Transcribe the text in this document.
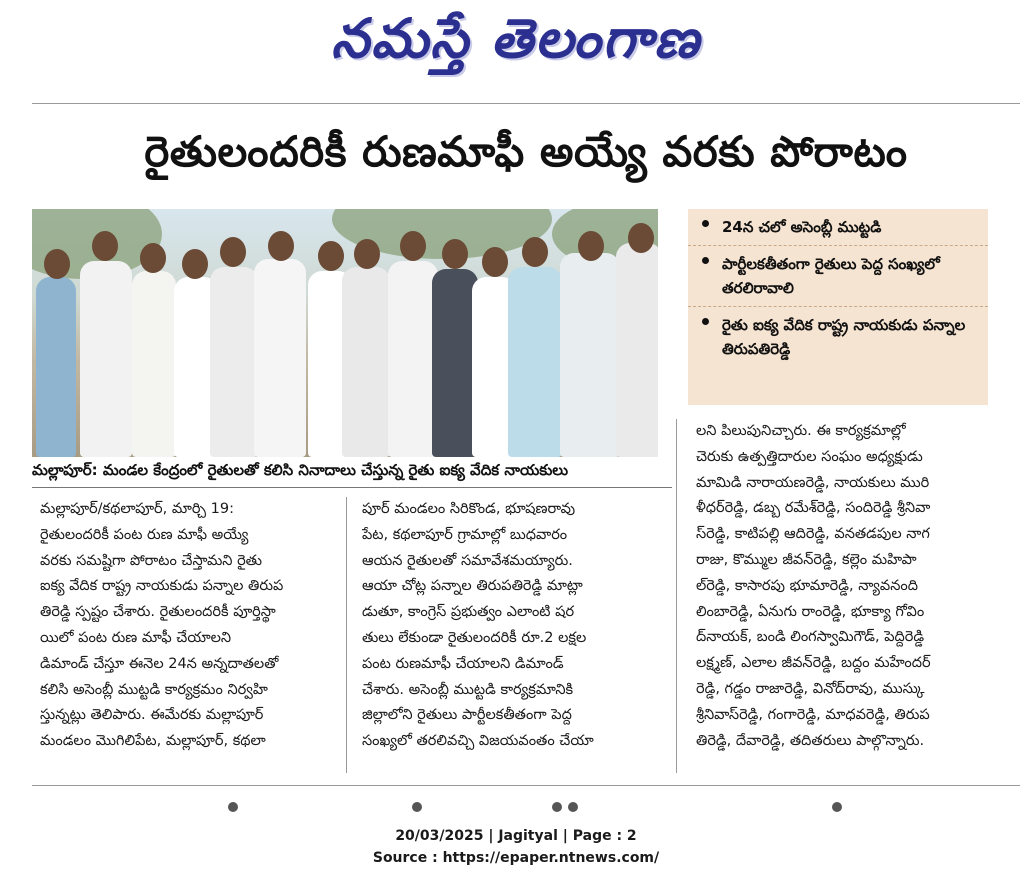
నమస్తే తెలంగాణ
రైతులందరికీ రుణమాఫీ అయ్యే వరకు పోరాటం
మల్లాపూర్: మండల కేంద్రంలో రైతులతో కలిసి నినాదాలు చేస్తున్న రైతు ఐక్య వేదిక నాయకులు
24న చలో అసెంబ్లీ ముట్టడి
పార్టీలకతీతంగా రైతులు పెద్ద సంఖ్యలో తరలిరావాలి
రైతు ఐక్య వేదిక రాష్ట్ర నాయకుడు పన్నాల తిరుపతిరెడ్డి
మల్లాపూర్/కథలాపూర్, మార్చి 19:
రైతులందరికీ పంట రుణ మాఫీ అయ్యే
వరకు సమష్టిగా పోరాటం చేస్తామని రైతు
ఐక్య వేదిక రాష్ట్ర నాయకుడు పన్నాల తిరుప
తిరెడ్డి స్పష్టం చేశారు. రైతులందరికీ పూర్తిస్థా
యిలో పంట రుణ మాఫీ చేయాలని
డిమాండ్ చేస్తూ ఈనెల 24న అన్నదాతలతో
కలిసి అసెంబ్లీ ముట్టడి కార్యక్రమం నిర్వహి
స్తున్నట్లు తెలిపారు. ఈమేరకు మల్లాపూర్
మండలం మొగిలిపేట, మల్లాపూర్, కథలా
పూర్ మండలం సిరికొండ, భూషణరావు
పేట, కథలాపూర్ గ్రామాల్లో బుధవారం
ఆయన రైతులతో సమావేశమయ్యారు.
ఆయా చోట్ల పన్నాల తిరుపతిరెడ్డి మాట్లా
డుతూ, కాంగ్రెస్ ప్రభుత్వం ఎలాంటి షర
తులు లేకుండా రైతులందరికీ రూ.2 లక్షల
పంట రుణమాఫీ చేయాలని డిమాండ్
చేశారు. అసెంబ్లీ ముట్టడి కార్యక్రమానికి
జిల్లాలోని రైతులు పార్టీలకతీతంగా పెద్ద
సంఖ్యలో తరలివచ్చి విజయవంతం చేయా
లని పిలుపునిచ్చారు. ఈ కార్యక్రమాల్లో
చెరుకు ఉత్పత్తిదారుల సంఘం అధ్యక్షుడు
మామిడి నారాయణరెడ్డి, నాయకులు మురి
ళీధర్‌రెడ్డి, డబ్బ రమేశ్‌రెడ్డి, సందిరెడ్డి శ్రీనివా
స్‌రెడ్డి, కాటిపల్లి ఆదిరెడ్డి, వనతడపుల నాగ
రాజు, కొమ్ముల జీవన్‌రెడ్డి, కల్లెం మహిపా
ల్‌రెడ్డి, కాసారపు భూమారెడ్డి, న్యావనంది
లింబారెడ్డి, ఏనుగు రాంరెడ్డి, భూక్యా గోవిం
ద్‌నాయక్, బండి లింగస్వామిగౌడ్, పెద్దిరెడ్డి
లక్ష్మణ్, ఎలాల జీవన్‌రెడ్డి, బద్దం మహేందర్
రెడ్డి, గడ్డం రాజారెడ్డి, వినోద్‌రావు, ముస్కు
శ్రీనివాస్‌రెడ్డి, గంగారెడ్డి, మాధవరెడ్డి, తిరుప
తిరెడ్డి, దేవారెడ్డి, తదితరులు పాల్గొన్నారు.
20/03/2025 | Jagityal | Page : 2
Source : https://epaper.ntnews.com/
